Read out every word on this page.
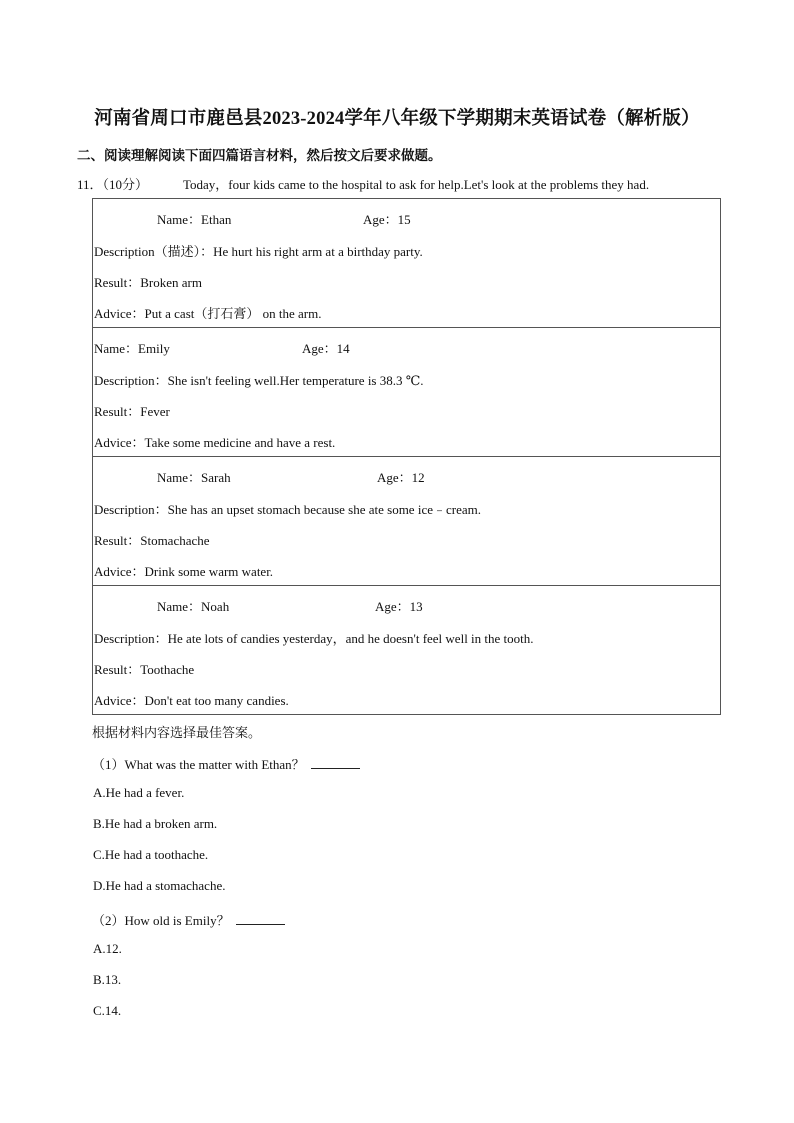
河南省周口市鹿邑县2023-2024学年八年级下学期期末英语试卷（解析版）
二、阅读理解阅读下面四篇语言材料，然后按文后要求做题。
11．（10分）	Today，four kids came to the hospital to ask for help.Let's look at the problems they had.
Name：Ethan	Age：15
Description（描述）：He hurt his right arm at a birthday party.
Result：Broken arm
Advice：Put a cast（打石膏） on the arm.
Name：Emily	Age：14
Description：She isn't feeling well.Her temperature is 38.3 ℃.
Result：Fever
Advice：Take some medicine and have a rest.
Name：Sarah	Age：12
Description：She has an upset stomach because she ate some ice﹣cream.
Result：Stomachache
Advice：Drink some warm water.
Name：Noah	Age：13
Description：He ate lots of candies yesterday，and he doesn't feel well in the tooth.
Result：Toothache
Advice：Don't eat too many candies.
根据材料内容选择最佳答案。
（1）What was the matter with Ethan？
A.He had a fever.
B.He had a broken arm.
C.He had a toothache.
D.He had a stomachache.
（2）How old is Emily？
A.12.
B.13.
C.14.
